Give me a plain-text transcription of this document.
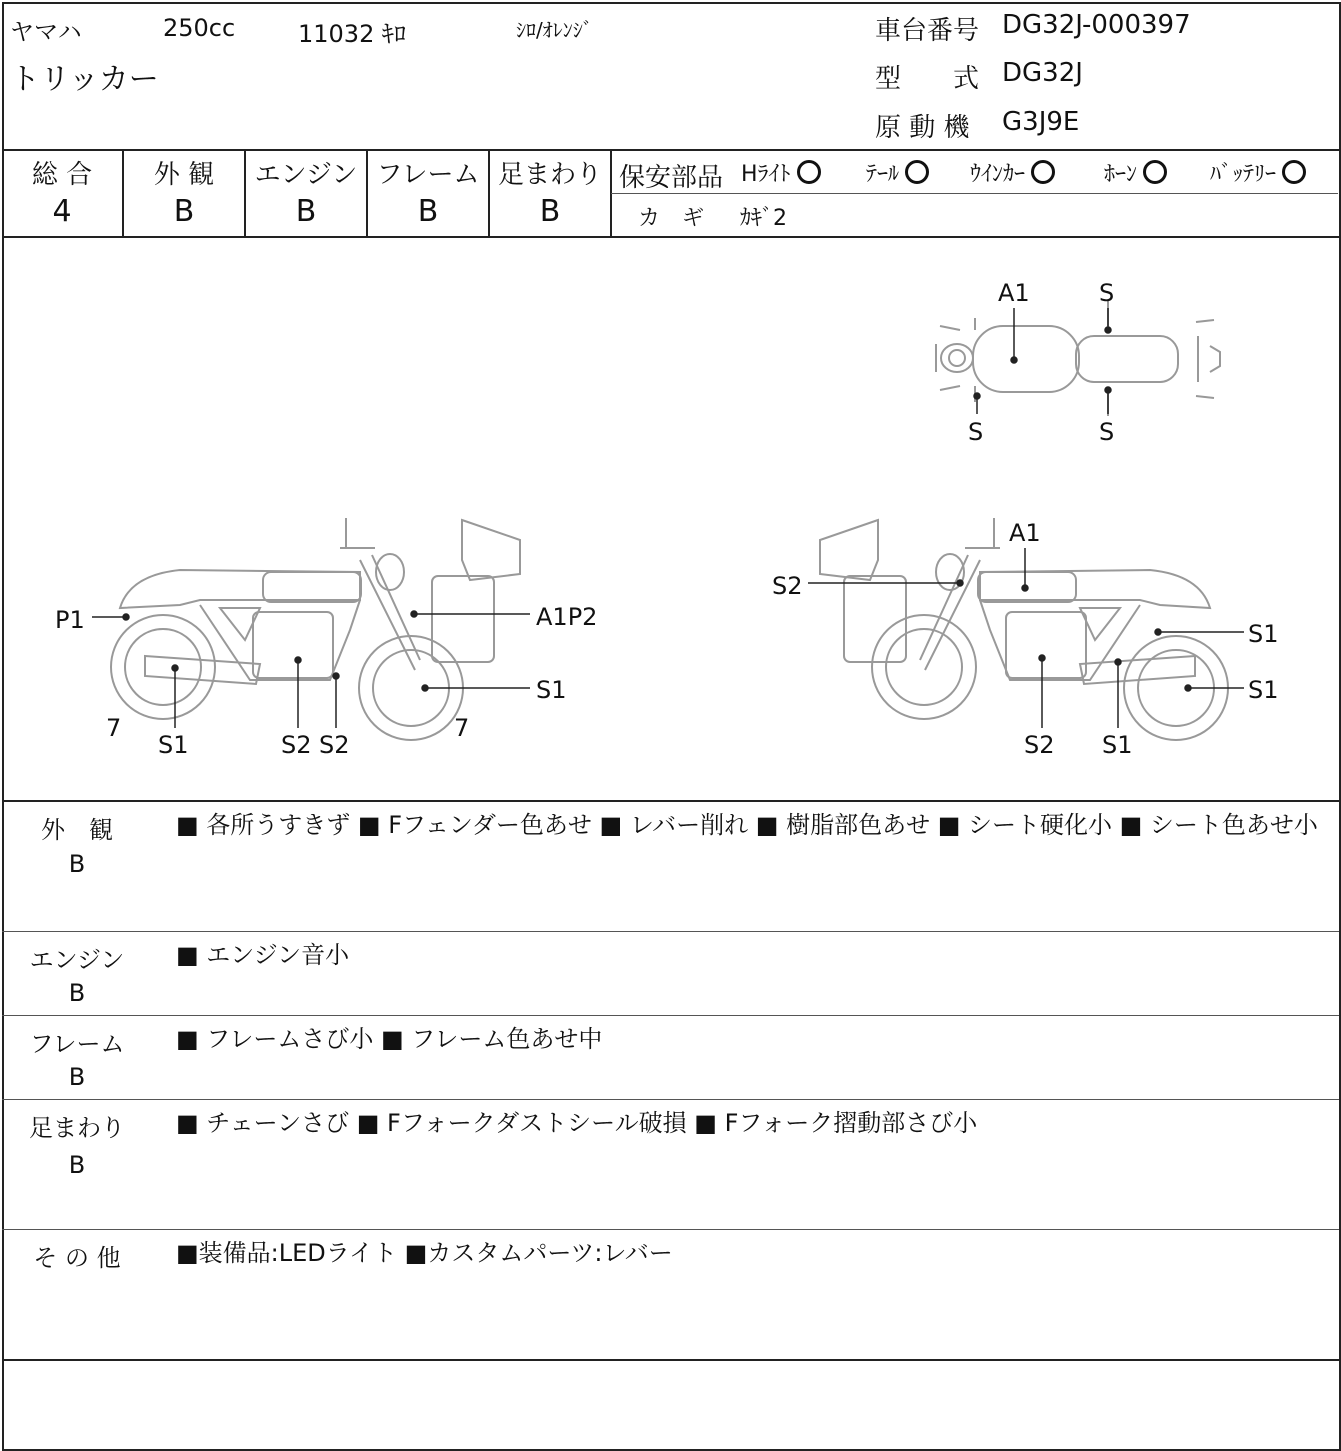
ヤマハ	250cc	11032 ｷﾛ	ｼﾛ/ｵﾚﾝｼﾞ
トリッカー
車台番号 DG32J-000397
型　　式 DG32J
原 動 機 G3J9E
総 合
4
外 観
B
エンジン
B
フレーム
B
足まわり
B
保安部品 Hﾗｲﾄ	ﾃｰﾙ	ｳｲﾝｶｰ	ﾎｰﾝ	ﾊﾞｯﾃﾘｰ
カ　ギ ｶｷﾞ2
A1	S
S	S
P1	A1P2
S1
7
S1	S2 S2
7
A1
S2
S1
S1
S2 S1
外　観
B
■ 各所うすきず ■ Fフェンダー色あせ ■ レバー削れ ■ 樹脂部色あせ ■ シート硬化小 ■ シート色あせ小
エンジン
B
■ エンジン音小
フレーム
B
■ フレームさび小 ■ フレーム色あせ中
足まわり
B
■ チェーンさび ■ Fフォークダストシール破損 ■ Fフォーク摺動部さび小
そ の 他	■装備品:LEDライト ■カスタムパーツ:レバー
